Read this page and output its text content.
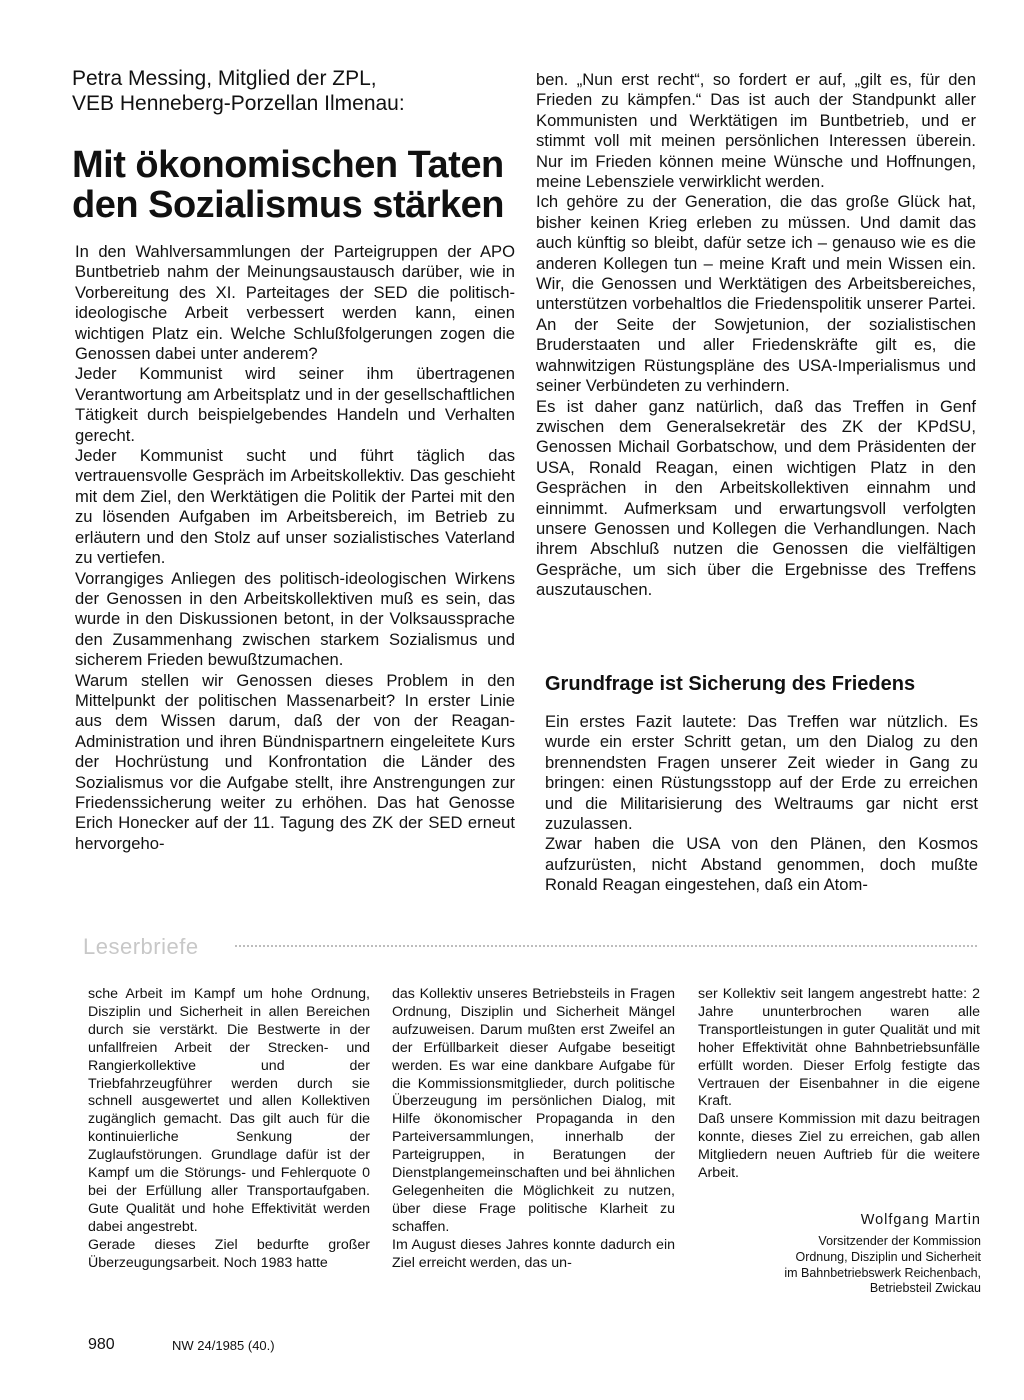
Petra Messing, Mitglied der ZPL,
VEB Henneberg-Porzellan Ilmenau:
Mit ökonomischen Taten
den Sozialismus stärken

In den Wahlversammlungen der Parteigruppen der APO Buntbetrieb nahm der Meinungsaustausch darüber, wie in Vorbereitung des XI. Parteitages der SED die politisch-ideologische Arbeit verbessert werden kann, einen wichtigen Platz ein. Welche Schlußfolgerungen zogen die Genossen dabei unter anderem?

Jeder Kommunist wird seiner ihm übertragenen Verantwortung am Arbeitsplatz und in der gesellschaftlichen Tätigkeit durch beispielgebendes Handeln und Verhalten gerecht.

Jeder Kommunist sucht und führt täglich das vertrauensvolle Gespräch im Arbeitskollektiv. Das geschieht mit dem Ziel, den Werktätigen die Politik der Partei mit den zu lösenden Aufgaben im Arbeitsbereich, im Betrieb zu erläutern und den Stolz auf unser sozialistisches Vaterland zu vertiefen.

Vorrangiges Anliegen des politisch-ideologischen Wirkens der Genossen in den Arbeitskollektiven muß es sein, das wurde in den Diskussionen betont, in der Volksaussprache den Zusammenhang zwischen starkem Sozialismus und sicherem Frieden bewußtzumachen.

Warum stellen wir Genossen dieses Problem in den Mittelpunkt der politischen Massenarbeit? In erster Linie aus dem Wissen darum, daß der von der Reagan-Administration und ihren Bündnispartnern eingeleitete Kurs der Hochrüstung und Konfrontation die Länder des Sozialismus vor die Aufgabe stellt, ihre Anstrengungen zur Friedenssicherung weiter zu erhöhen. Das hat Genosse Erich Honecker auf der 11. Tagung des ZK der SED erneut hervorgeho-

ben. „Nun erst recht“, so fordert er auf, „gilt es, für den Frieden zu kämpfen.“ Das ist auch der Standpunkt aller Kommunisten und Werktätigen im Buntbetrieb, und er stimmt voll mit meinen persönlichen Interessen überein. Nur im Frieden können meine Wünsche und Hoffnungen, meine Lebensziele verwirklicht werden.

Ich gehöre zu der Generation, die das große Glück hat, bisher keinen Krieg erleben zu müssen. Und damit das auch künftig so bleibt, dafür setze ich – genauso wie es die anderen Kollegen tun – meine Kraft und mein Wissen ein. Wir, die Genossen und Werktätigen des Arbeitsbereiches, unterstützen vorbehaltlos die Friedenspolitik unserer Partei. An der Seite der Sowjetunion, der sozialistischen Bruderstaaten und aller Friedenskräfte gilt es, die wahnwitzigen Rüstungspläne des USA-Imperialismus und seiner Verbündeten zu verhindern.

Es ist daher ganz natürlich, daß das Treffen in Genf zwischen dem Generalsekretär des ZK der KPdSU, Genossen Michail Gorbatschow, und dem Präsidenten der USA, Ronald Reagan, einen wichtigen Platz in den Gesprächen in den Arbeitskollektiven einnahm und einnimmt. Aufmerksam und erwartungsvoll verfolgten unsere Genossen und Kollegen die Verhandlungen. Nach ihrem Abschluß nutzen die Genossen die vielfältigen Gespräche, um sich über die Ergebnisse des Treffens auszutauschen.

Grundfrage ist Sicherung des Friedens

Ein erstes Fazit lautete: Das Treffen war nützlich. Es wurde ein erster Schritt getan, um den Dialog zu den brennendsten Fragen unserer Zeit wieder in Gang zu bringen: einen Rüstungsstopp auf der Erde zu erreichen und die Militarisierung des Weltraums gar nicht erst zuzulassen.

Zwar haben die USA von den Plänen, den Kosmos aufzurüsten, nicht Abstand genommen, doch mußte Ronald Reagan eingestehen, daß ein Atom-

Leserbriefe

sche Arbeit im Kampf um hohe Ordnung, Disziplin und Sicherheit in allen Bereichen durch sie verstärkt. Die Bestwerte in der unfallfreien Arbeit der Strecken- und Rangierkollektive und der Triebfahrzeugführer werden durch sie schnell ausgewertet und allen Kollektiven zugänglich gemacht. Das gilt auch für die kontinuierliche Senkung der Zuglaufstörungen. Grundlage dafür ist der Kampf um die Störungs- und Fehlerquote 0 bei der Erfüllung aller Transportaufgaben. Gute Qualität und hohe Effektivität werden dabei angestrebt.

Gerade dieses Ziel bedurfte großer Überzeugungsarbeit. Noch 1983 hatte

das Kollektiv unseres Betriebsteils in Fragen Ordnung, Disziplin und Sicherheit Mängel aufzuweisen. Darum mußten erst Zweifel an der Erfüllbarkeit dieser Aufgabe beseitigt werden. Es war eine dankbare Aufgabe für die Kommissionsmitglieder, durch politische Überzeugung im persönlichen Dialog, mit Hilfe ökonomischer Propaganda in den Parteiversammlungen, innerhalb der Parteigruppen, in Beratungen der Dienstplangemeinschaften und bei ähnlichen Gelegenheiten die Möglichkeit zu nutzen, über diese Frage politische Klarheit zu schaffen.

Im August dieses Jahres konnte dadurch ein Ziel erreicht werden, das un-

ser Kollektiv seit langem angestrebt hatte: 2 Jahre ununterbrochen waren alle Transportleistungen in guter Qualität und mit hoher Effektivität ohne Bahnbetriebsunfälle erfüllt worden. Dieser Erfolg festigte das Vertrauen der Eisenbahner in die eigene Kraft.

Daß unsere Kommission mit dazu beitragen konnte, dieses Ziel zu erreichen, gab allen Mitgliedern neuen Auftrieb für die weitere Arbeit.

Wolfgang Martin
Vorsitzender der Kommission
Ordnung, Disziplin und Sicherheit
im Bahnbetriebswerk Reichenbach,
Betriebsteil Zwickau
980	NW 24/1985 (40.)
